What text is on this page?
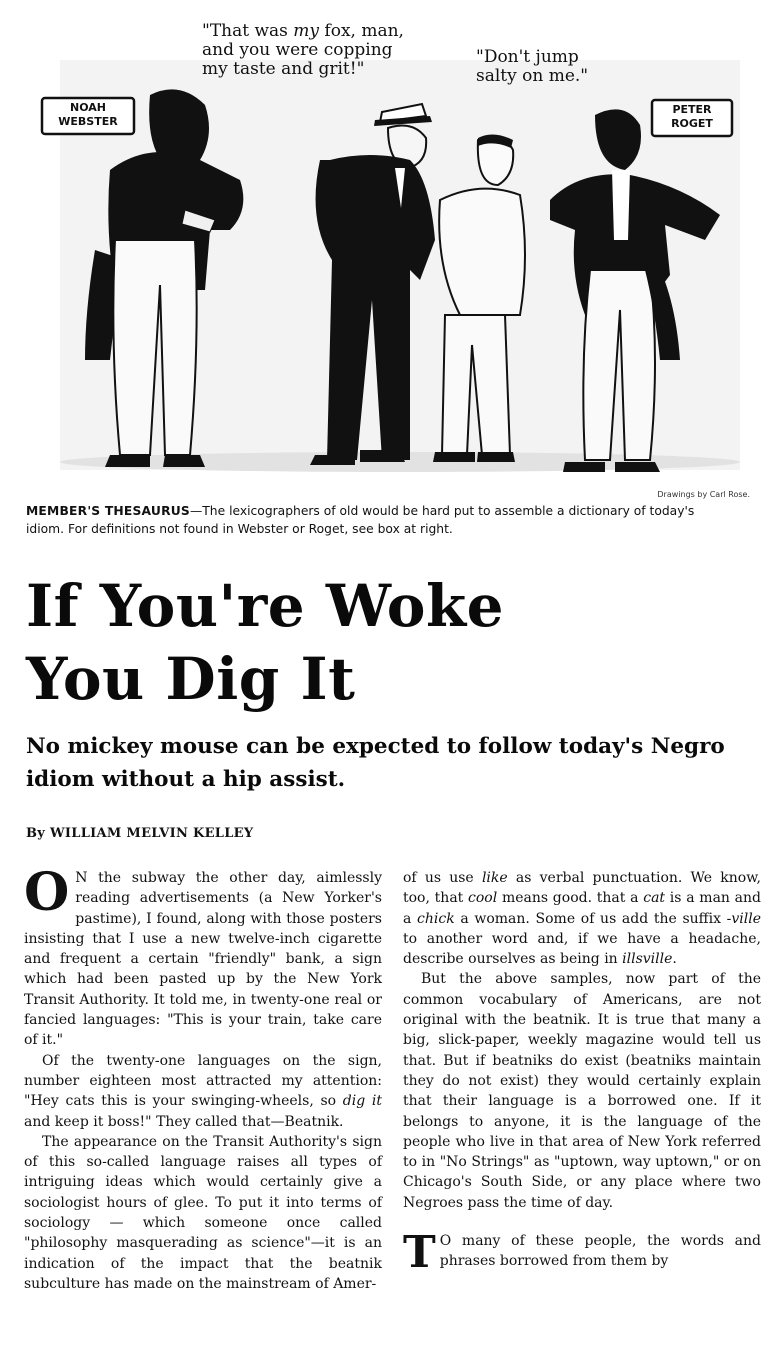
"That was my fox, man,
and you were copping
my taste and grit!"
"Don't jump
salty on me."
NOAH
WEBSTER
PETER
ROGET
Drawings by Carl Rose.
MEMBER'S THESAURUS—The lexicographers of old would be hard put to assemble a dictionary of today's idiom. For definitions not found in Webster or Roget, see box at right.
If You're Woke
You Dig It
No mickey mouse can be expected to follow today's Negro idiom without a hip assist.
By WILLIAM MELVIN KELLEY

O N the subway the other day, aimlessly reading advertisements (a New Yorker's pastime), I found, along with those posters insisting that I use a new twelve-inch cigarette and frequent a certain "friendly" bank, a sign which had been pasted up by the New York Transit Authority. It told me, in twenty-one real or fancied languages: "This is your train, take care of it."

Of the twenty-one languages on the sign, number eighteen most attracted my attention: "Hey cats this is your swinging-wheels, so dig it and keep it boss!" They called that—Beatnik.

The appearance on the Transit Authority's sign of this so-called language raises all types of intriguing ideas which would certainly give a sociologist hours of glee. To put it into terms of sociology — which someone once called "philosophy masquerading as science"—it is an indication of the impact that the beatnik subculture has made on the mainstream of Amer-

of us use like as verbal punctuation. We know, too, that cool means good. that a cat is a man and a chick a woman. Some of us add the suffix -ville to another word and, if we have a headache, describe ourselves as being in illsville.

But the above samples, now part of the common vocabulary of Americans, are not original with the beatnik. It is true that many a big, slick-paper, weekly magazine would tell us that. But if beatniks do exist (beatniks maintain they do not exist) they would certainly explain that their language is a borrowed one. If it belongs to anyone, it is the language of the people who live in that area of New York referred to in "No Strings" as "uptown, way uptown," or on Chicago's South Side, or any place where two Negroes pass the time of day.

T O many of these people, the words and phrases borrowed from them by
